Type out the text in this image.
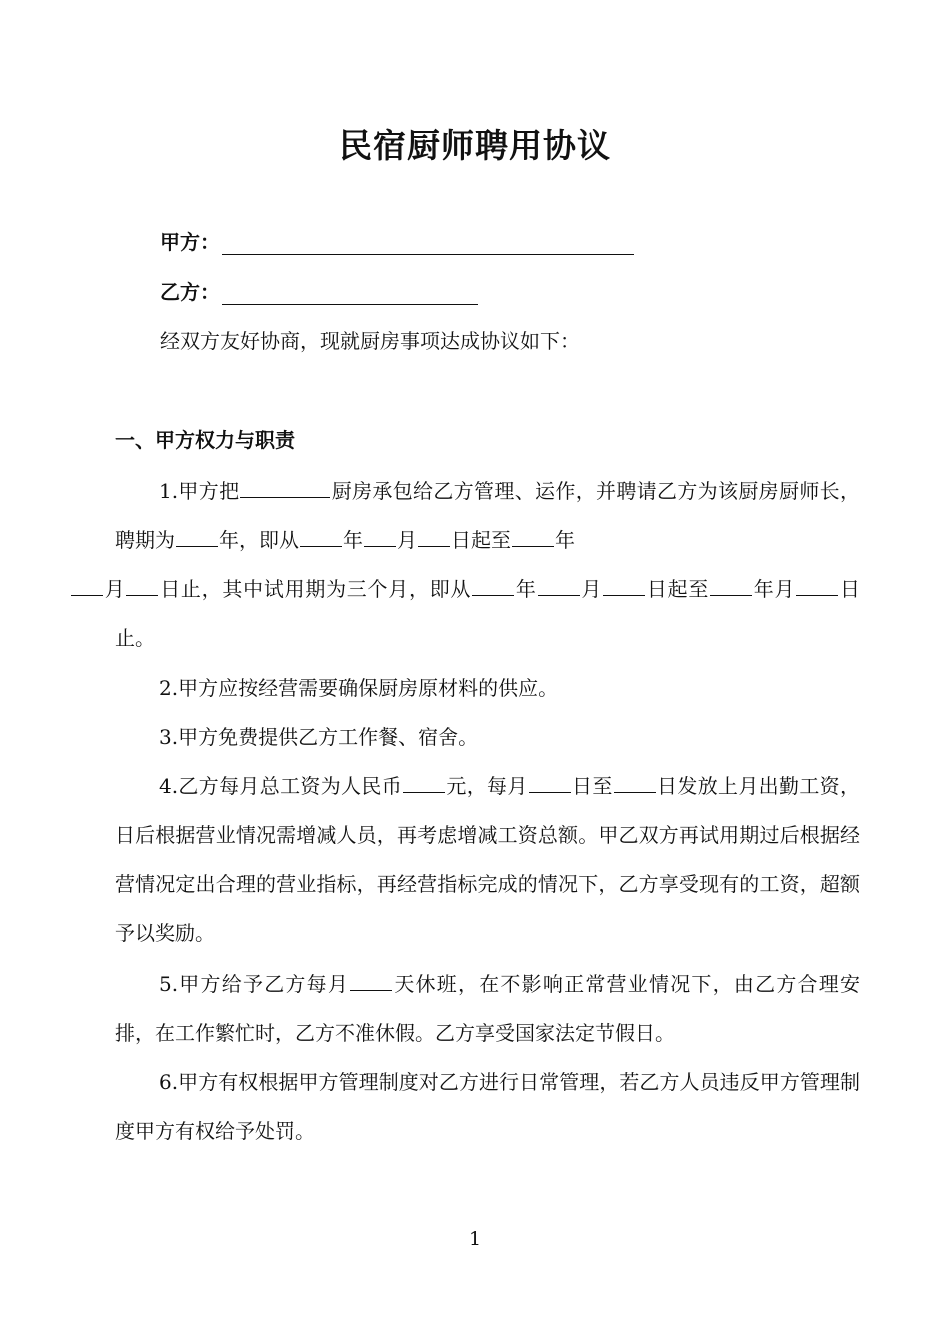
民宿厨师聘用协议
甲方：
乙方：
经双方友好协商，现就厨房事项达成协议如下：
一、甲方权力与职责

1.甲方把	厨房承包给乙方管理、运作，并聘请乙方为该厨房厨师长，聘期为 年，即从 年 月 日起至 年
月 日止，其中试用期为三个月，即从 年 月 日起至 年月 日止。

2.甲方应按经营需要确保厨房原材料的供应。

3.甲方免费提供乙方工作餐、宿舍。

4.乙方每月总工资为人民币 元，每月 日至 日发放上月出勤工资，日后根据营业情况需增减人员，再考虑增减工资总额。甲乙双方再试用期过后根据经营情况定出合理的营业指标，再经营指标完成的情况下，乙方享受现有的工资，超额予以奖励。

5.甲方给予乙方每月 天休班，在不影响正常营业情况下，由乙方合理安排，在工作繁忙时，乙方不准休假。乙方享受国家法定节假日。

6.甲方有权根据甲方管理制度对乙方进行日常管理，若乙方人员违反甲方管理制度甲方有权给予处罚。

1
